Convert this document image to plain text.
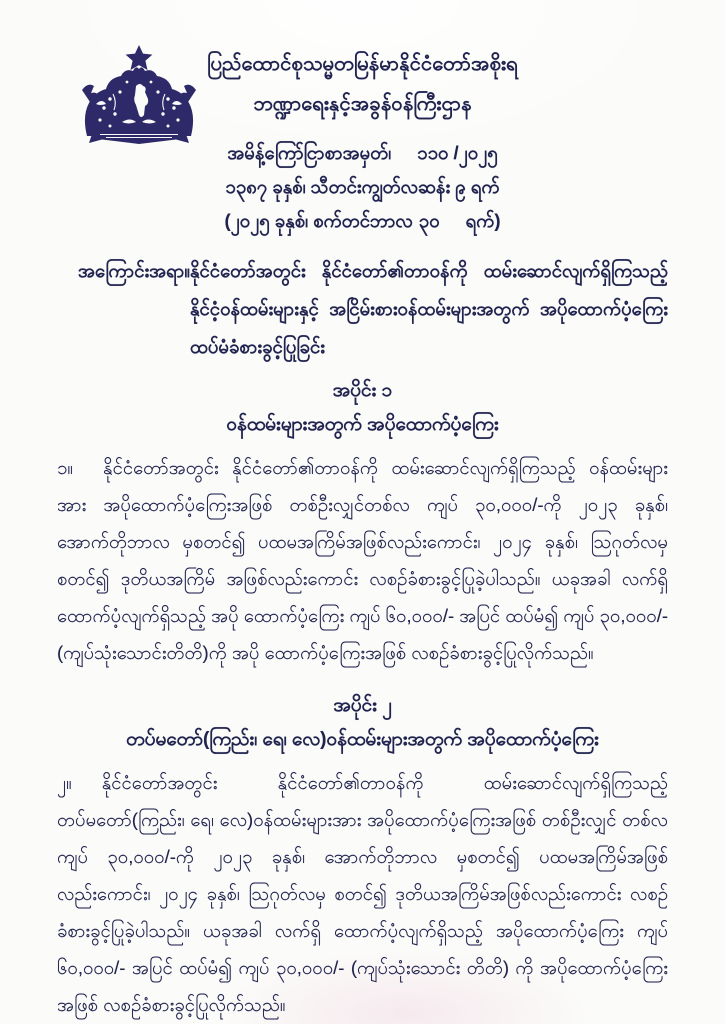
ပြည်ထောင်စုသမ္မတမြန်မာနိုင်ငံတော်အစိုးရ
ဘဏ္ဍာရေးနှင့်အခွန်ဝန်ကြီးဌာန
အမိန့်ကြော်ငြာစာအမှတ်၊ ၁၁၀ /၂၀၂၅
၁၃၈၇ ခုနှစ်၊ သီတင်းကျွတ်လဆန်း ၉ ရက်
(၂၀၂၅ ခုနှစ်၊ စက်တင်ဘာလ ၃၀ ရက်)
အကြောင်းအရာ။ နိုင်ငံတော်အတွင်း နိုင်ငံတော်၏တာဝန်ကို ထမ်းဆောင်လျက်ရှိကြသည့် နိုင်ငံ့ဝန်ထမ်းများနှင့် အငြိမ်းစားဝန်ထမ်းများအတွက် အပိုထောက်ပံ့ကြေး ထပ်မံခံစားခွင့်ပြုခြင်း
အပိုင်း ၁
ဝန်ထမ်းများအတွက် အပိုထောက်ပံ့ကြေး

၁။ နိုင်ငံတော်အတွင်း နိုင်ငံတော်၏တာဝန်ကို ထမ်းဆောင်လျက်ရှိကြသည့် ဝန်ထမ်းများအား အပိုထောက်ပံ့ကြေးအဖြစ် တစ်ဦးလျှင်တစ်လ ကျပ် ၃၀,၀၀၀/-ကို ၂၀၂၃ ခုနှစ်၊ အောက်တိုဘာလ မှစတင်၍ ပထမအကြိမ်အဖြစ်လည်းကောင်း၊ ၂၀၂၄ ခုနှစ်၊ ဩဂုတ်လမှစတင်၍ ဒုတိယအကြိမ် အဖြစ်လည်းကောင်း လစဉ်ခံစားခွင့်ပြုခဲ့ပါသည်။ ယခုအခါ လက်ရှိထောက်ပံ့လျက်ရှိသည့် အပို ထောက်ပံ့ကြေး ကျပ် ၆၀,၀၀၀/- အပြင် ထပ်မံ၍ ကျပ် ၃၀,၀၀၀/-(ကျပ်သုံးသောင်းတိတိ)ကို အပို ထောက်ပံ့ကြေးအဖြစ် လစဉ်ခံစားခွင့်ပြုလိုက်သည်။

အပိုင်း ၂
တပ်မတော်(ကြည်း၊ ရေ၊ လေ)ဝန်ထမ်းများအတွက် အပိုထောက်ပံ့ကြေး

၂။ နိုင်ငံတော်အတွင်း နိုင်ငံတော်၏တာဝန်ကို ထမ်းဆောင်လျက်ရှိကြသည့် တပ်မတော်(ကြည်း၊ ရေ၊ လေ)ဝန်ထမ်းများအား အပိုထောက်ပံ့ကြေးအဖြစ် တစ်ဦးလျှင် တစ်လ ကျပ် ၃၀,၀၀၀/-ကို ၂၀၂၃ ခုနှစ်၊ အောက်တိုဘာလ မှစတင်၍ ပထမအကြိမ်အဖြစ်လည်းကောင်း၊ ၂၀၂၄ ခုနှစ်၊ ဩဂုတ်လမှ စတင်၍ ဒုတိယအကြိမ်အဖြစ်လည်းကောင်း လစဉ်ခံစားခွင့်ပြုခဲ့ပါသည်။ ယခုအခါ လက်ရှိ ထောက်ပံ့လျက်ရှိသည့် အပိုထောက်ပံ့ကြေး ကျပ် ၆၀,၀၀၀/- အပြင် ထပ်မံ၍ ကျပ် ၃၀,၀၀၀/- (ကျပ်သုံးသောင်း တိတိ) ကို အပိုထောက်ပံ့ကြေးအဖြစ် လစဉ်ခံစားခွင့်ပြုလိုက်သည်။
